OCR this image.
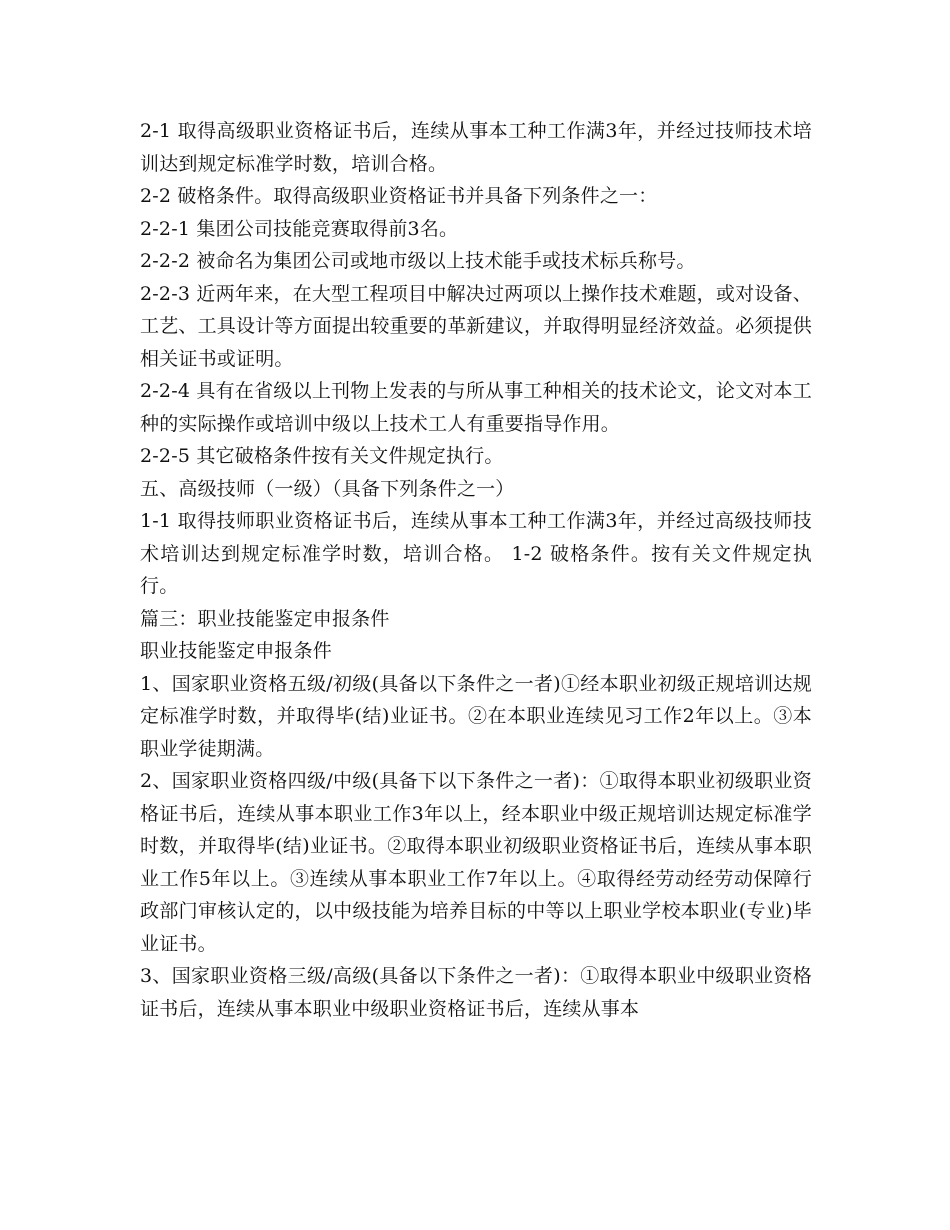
2-1 取得高级职业资格证书后，连续从事本工种工作满3年，并经过技师技术培训达到规定标准学时数，培训合格。

2-2 破格条件。取得高级职业资格证书并具备下列条件之一：

2-2-1 集团公司技能竞赛取得前3名。

2-2-2 被命名为集团公司或地市级以上技术能手或技术标兵称号。

2-2-3 近两年来，在大型工程项目中解决过两项以上操作技术难题，或对设备、工艺、工具设计等方面提出较重要的革新建议，并取得明显经济效益。必须提供相关证书或证明。

2-2-4 具有在省级以上刊物上发表的与所从事工种相关的技术论文，论文对本工种的实际操作或培训中级以上技术工人有重要指导作用。

2-2-5 其它破格条件按有关文件规定执行。

五、高级技师（一级）（具备下列条件之一）

1-1 取得技师职业资格证书后，连续从事本工种工作满3年，并经过高级技师技术培训达到规定标准学时数，培训合格。 1-2 破格条件。按有关文件规定执行。

篇三：职业技能鉴定申报条件

职业技能鉴定申报条件

1、国家职业资格五级/初级(具备以下条件之一者)①经本职业初级正规培训达规定标准学时数，并取得毕(结)业证书。②在本职业连续见习工作2年以上。③本职业学徒期满。

2、国家职业资格四级/中级(具备下以下条件之一者)：①取得本职业初级职业资格证书后，连续从事本职业工作3年以上，经本职业中级正规培训达规定标准学时数，并取得毕(结)业证书。②取得本职业初级职业资格证书后，连续从事本职业工作5年以上。③连续从事本职业工作7年以上。④取得经劳动经劳动保障行政部门审核认定的，以中级技能为培养目标的中等以上职业学校本职业(专业)毕业证书。

3、国家职业资格三级/高级(具备以下条件之一者)：①取得本职业中级职业资格证书后，连续从事本职业中级职业资格证书后，连续从事本
